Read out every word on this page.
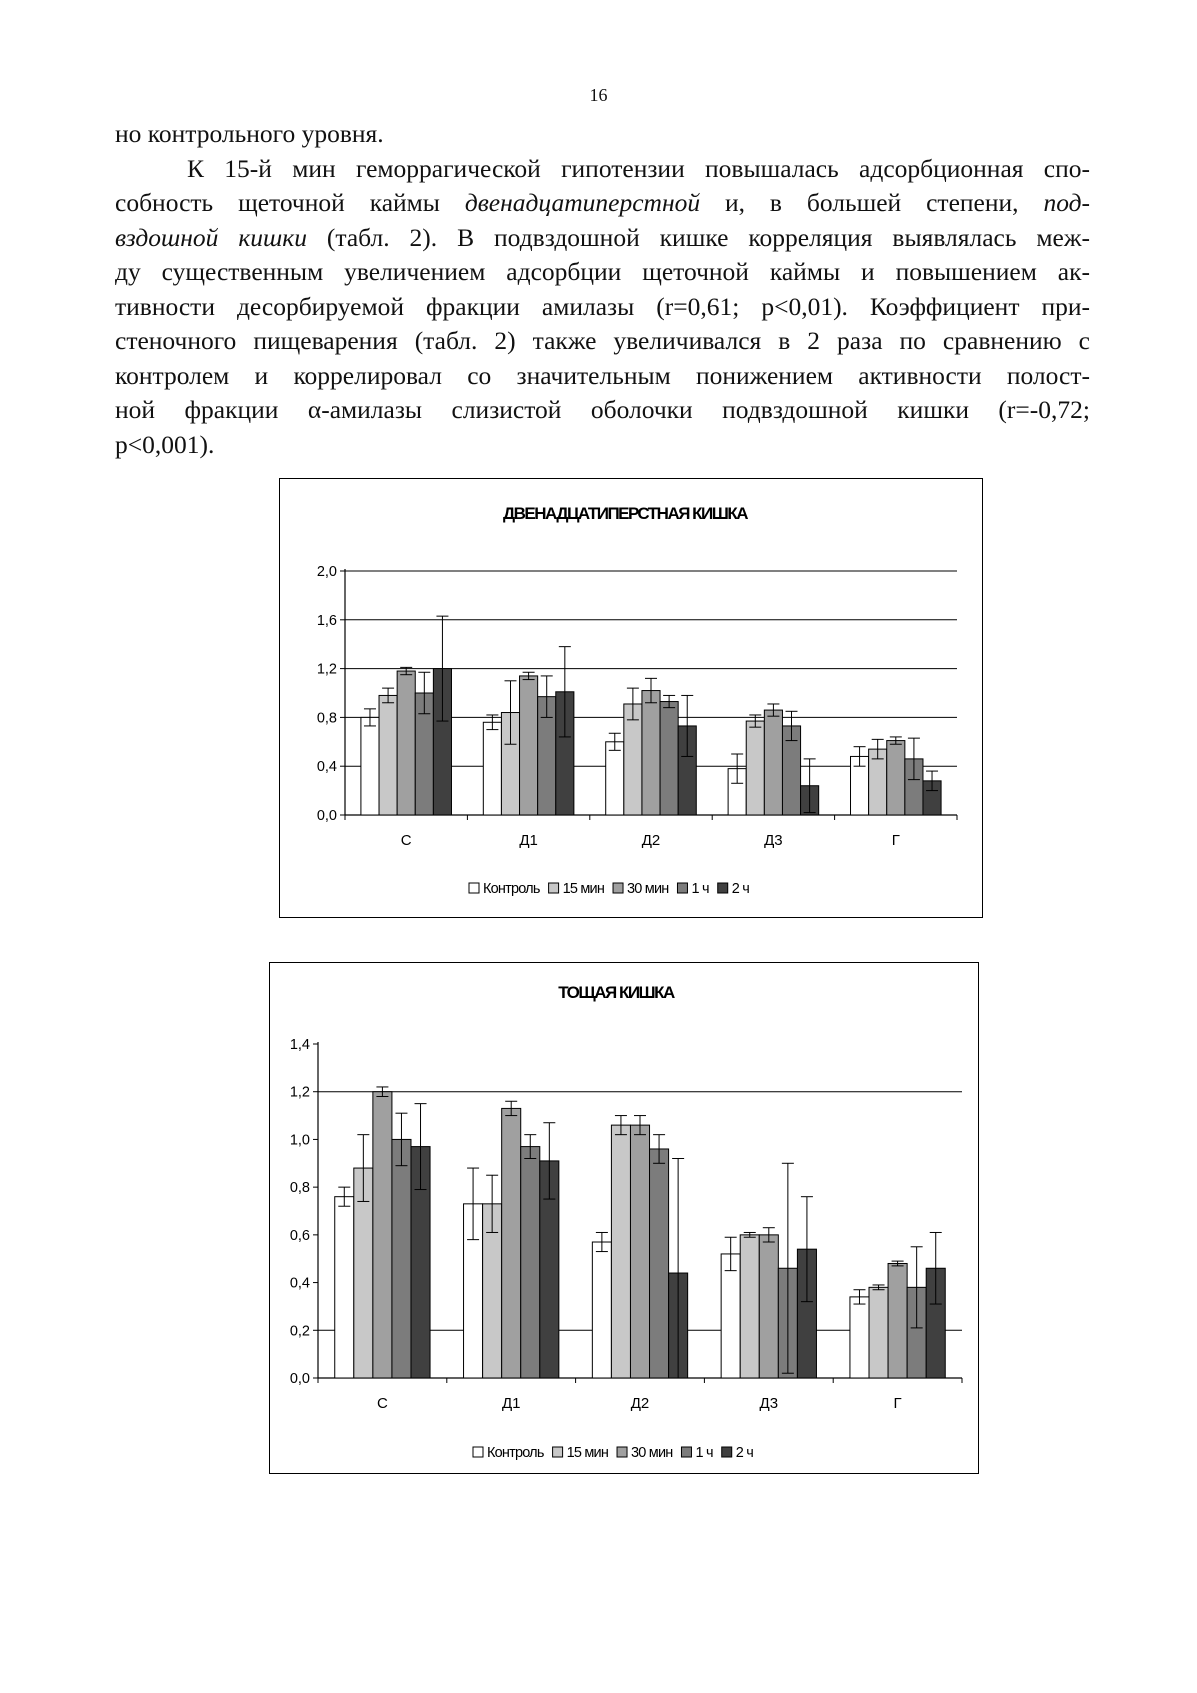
16
но контрольного уровня.
К 15-й мин геморрагической гипотензии повышалась адсорбционная спо-
собность щеточной каймы двенадцатиперстной и, в большей степени, под-
вздошной кишки (табл. 2). В подвздошной кишке корреляция выявлялась меж-
ду существенным увеличением адсорбции щеточной каймы и повышением ак-
тивности десорбируемой фракции амилазы (r=0,61; p<0,01). Коэффициент при-
стеночного пищеварения (табл. 2) также увеличивался в 2 раза по сравнению с
контролем и коррелировал со значительным понижением активности полост-
ной фракции α-амилазы слизистой оболочки подвздошной кишки (r=-0,72;
p<0,001).
ДВЕНАДЦАТИПЕРСТНАЯ КИШКА
0,0
0,4
0,8
1,2
1,6
2,0
С	Д1	Д2	Д3	Г
Контроль 15 мин 30 мин 1 ч 2 ч
ТОЩАЯ КИШКА
0,0
0,2
0,4
0,6
0,8
1,0
1,2
1,4
С	Д1	Д2	Д3	Г
Контроль 15 мин 30 мин 1 ч 2 ч
